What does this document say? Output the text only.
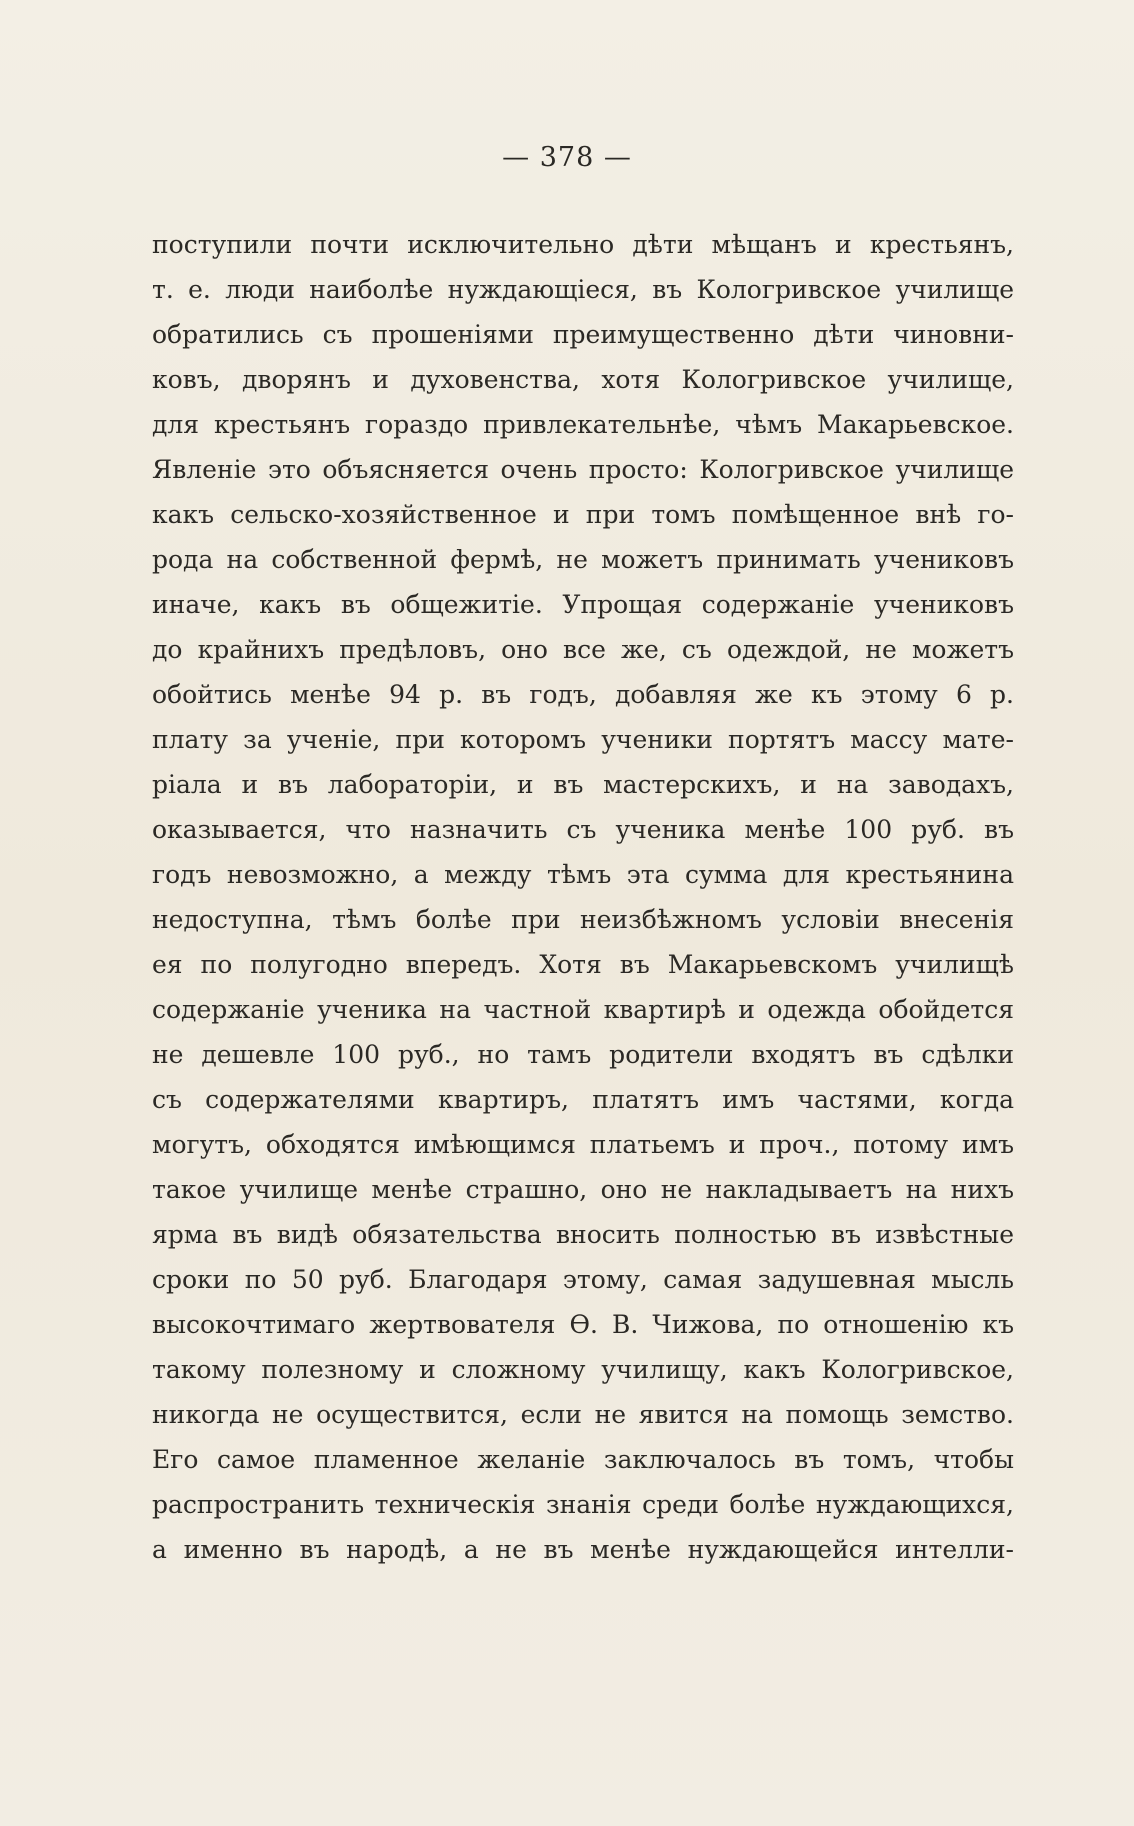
— 378 —
поступили почти исключительно дѣти мѣщанъ и крестьянъ,
т. е. люди наиболѣе нуждающіеся, въ Кологривское училище
обратились съ прошеніями преимущественно дѣти чиновни-
ковъ, дворянъ и духовенства, хотя Кологривское училище,
для крестьянъ гораздо привлекательнѣе, чѣмъ Макарьевское.
Явленіе это объясняется очень просто: Кологривское училище
какъ сельско-хозяйственное и при томъ помѣщенное внѣ го-
рода на собственной фермѣ, не можетъ принимать учениковъ
иначе, какъ въ общежитіе. Упрощая содержаніе учениковъ
до крайнихъ предѣловъ, оно все же, съ одеждой, не можетъ
обойтись менѣе 94 р. въ годъ, добавляя же къ этому 6 р.
плату за ученіе, при которомъ ученики портятъ массу мате-
ріала и въ лабораторіи, и въ мастерскихъ, и на заводахъ,
оказывается, что назначить съ ученика менѣе 100 руб. въ
годъ невозможно, а между тѣмъ эта сумма для крестьянина
недоступна, тѣмъ болѣе при неизбѣжномъ условіи внесенія
ея по полугодно впередъ. Хотя въ Макарьевскомъ училищѣ
содержаніе ученика на частной квартирѣ и одежда обойдется
не дешевле 100 руб., но тамъ родители входятъ въ сдѣлки
съ содержателями квартиръ, платятъ имъ частями, когда
могутъ, обходятся имѣющимся платьемъ и проч., потому имъ
такое училище менѣе страшно, оно не накладываетъ на нихъ
ярма въ видѣ обязательства вносить полностью въ извѣстные
сроки по 50 руб. Благодаря этому, самая задушевная мысль
высокочтимаго жертвователя Ѳ. В. Чижова, по отношенію къ
такому полезному и сложному училищу, какъ Кологривское,
никогда не осуществится, если не явится на помощь земство.
Его самое пламенное желаніе заключалось въ томъ, чтобы
распространить техническія знанія среди болѣе нуждающихся,
а именно въ народѣ, а не въ менѣе нуждающейся интелли-
